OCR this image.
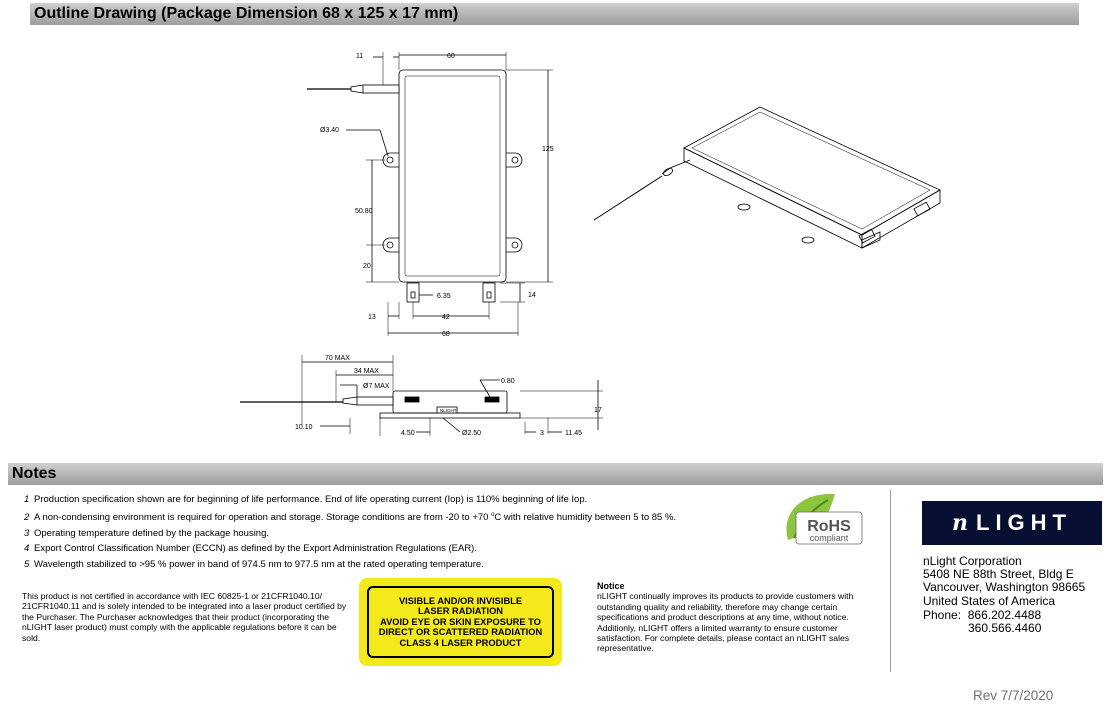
Outline Drawing (Package Dimension 68 x 125 x 17 mm)
Notes
11	60
Ø3.40
125
50.80
20
6.35	14
13	42
68
70 MAX
34 MAX
Ø7 MAX
0.80
17
10.10
4.50	Ø2.50	3	11.45
NLIGHT
1 Production specification shown are for beginning of life performance. End of life operating current (Iop) is 110% beginning of life Iop.
2 A non-condensing environment is required for operation and storage. Storage conditions are from -20 to +70 $^o$C with relative humidity between 5 to 85 %.
3 Operating temperature defined by the package housing.
4 Export Control Classification Number (ECCN) as defined by the Export Administration Regulations (EAR).
5 Wavelength stabilized to >95 % power in band of 974.5 nm to 977.5 nm at the rated operating temperature.
RoHS
compliant
This product is not certified in accordance with IEC 60825-1 or 21CFR1040.10/ 21CFR1040.11 and is solely intended to be integrated into a laser product certified by the Purchaser. The Purchaser acknowledges that their product (incorporating the nLIGHT laser product) must comply with the applicable regulations before it can be sold.
VISIBLE AND/OR INVISIBLE
LASER RADIATION
AVOID EYE OR SKIN EXPOSURE TO
DIRECT OR SCATTERED RADIATION
CLASS 4 LASER PRODUCT
Notice
nLIGHT continually improves its products to provide customers with outstanding quality and reliability, therefore may change certain specifications and product descriptions at any time, without notice. Additionly, nLIGHT offers a limited warranty to ensure customer satisfaction. For complete details, please contact an nLIGHT sales representative.
n LIGHT
nLight Corporation
5408 NE 88th Street, Bldg E
Vancouver, Washington 98665
United States of America
Phone: 866.202.4488
360.566.4460
Rev 7/7/2020
